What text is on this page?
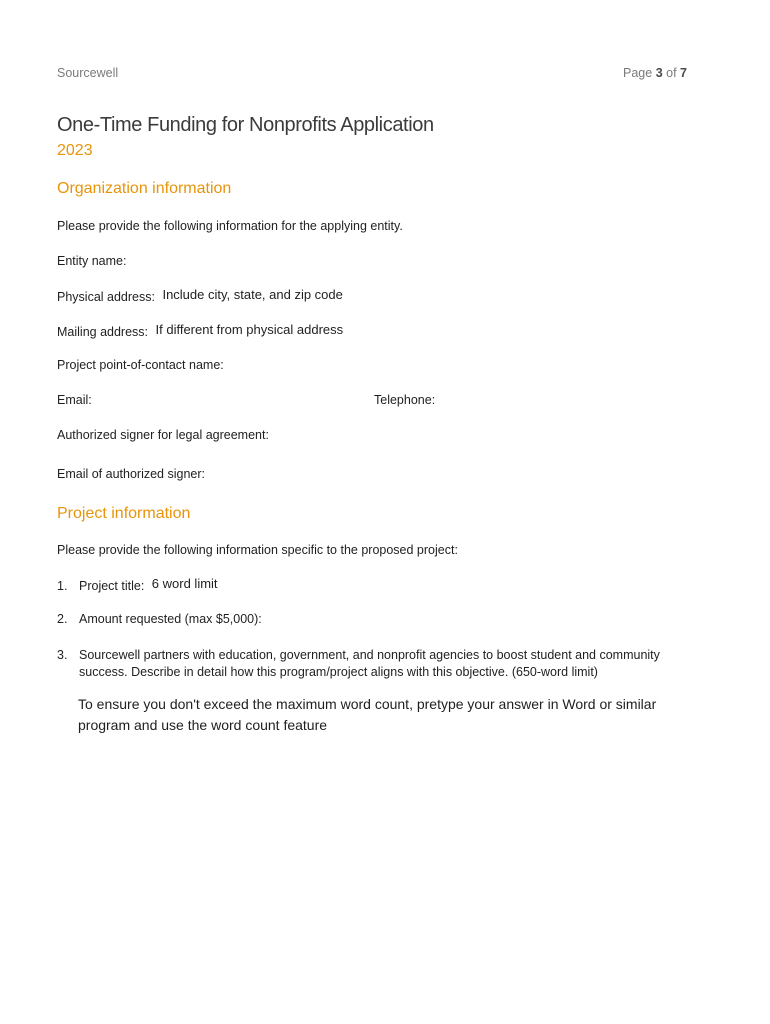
Sourcewell	Page 3 of 7
One-Time Funding for Nonprofits Application
2023
Organization information
Please provide the following information for the applying entity.
Entity name:
Physical address: Include city, state, and zip code
Mailing address: If different from physical address
Project point-of-contact name:
Email:	Telephone:
Authorized signer for legal agreement:
Email of authorized signer:
Project information
Please provide the following information specific to the proposed project:
1. Project title: 6 word limit
2. Amount requested (max $5,000):
3. Sourcewell partners with education, government, and nonprofit agencies to boost student and community
success. Describe in detail how this program/project aligns with this objective. (650-word limit)
To ensure you don't exceed the maximum word count, pretype your answer in Word or similar
program and use the word count feature
